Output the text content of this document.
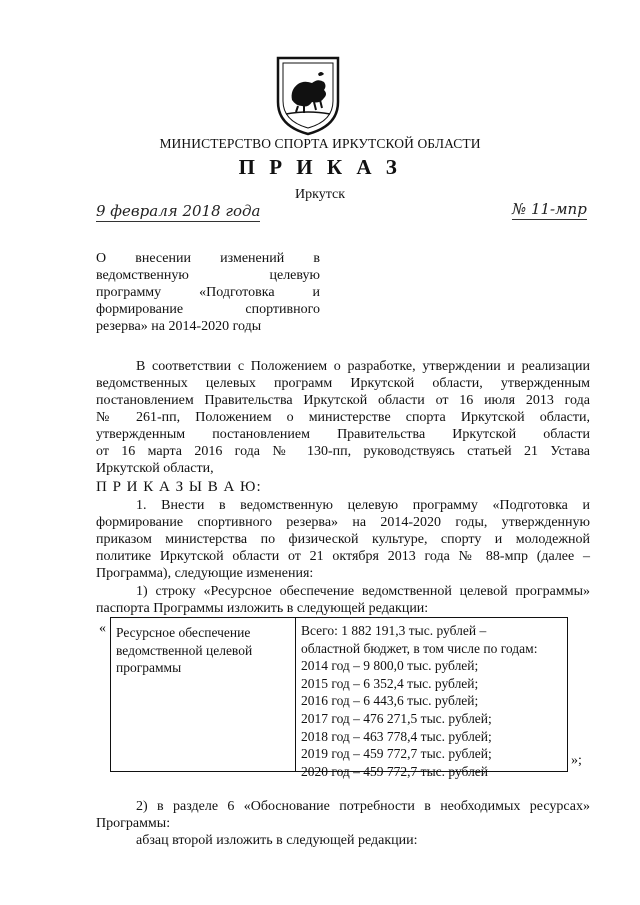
МИНИСТЕРСТВО СПОРТА ИРКУТСКОЙ ОБЛАСТИ
П Р И К А З
Иркутск
9 февраля 2018 года	№ 11-мпр
О внесении изменений в
ведомственную целевую
программу «Подготовка и
формирование спортивного
резерва» на 2014-2020 годы
В соответствии с Положением о разработке, утверждении и реализации
ведомственных целевых программ Иркутской области, утвержденным
постановлением Правительства Иркутской области от 16 июля 2013 года
№ 261-пп, Положением о министерстве спорта Иркутской области,
утвержденным постановлением Правительства Иркутской области
от 16 марта 2016 года № 130-пп, руководствуясь статьей 21 Устава
Иркутской области,
П Р И К А З Ы В А Ю:
1. Внести в ведомственную целевую программу «Подготовка и
формирование спортивного резерва» на 2014-2020 годы, утвержденную
приказом министерства по физической культуре, спорту и молодежной
политике Иркутской области от 21 октября 2013 года № 88-мпр (далее –
Программа), следующие изменения:
1) строку «Ресурсное обеспечение ведомственной целевой программы»
паспорта Программы изложить в следующей редакции:
« Ресурсное обеспечение
ведомственной целевой
программы
Всего: 1 882 191,3 тыс. рублей –
областной бюджет, в том числе по годам:
2014 год – 9 800,0 тыс. рублей;
2015 год – 6 352,4 тыс. рублей;
2016 год – 6 443,6 тыс. рублей;
2017 год – 476 271,5 тыс. рублей;
2018 год – 463 778,4 тыс. рублей;
2019 год – 459 772,7 тыс. рублей;
2020 год – 459 772,7 тыс. рублей
»;
2) в разделе 6 «Обоснование потребности в необходимых ресурсах»
Программы:
абзац второй изложить в следующей редакции:
